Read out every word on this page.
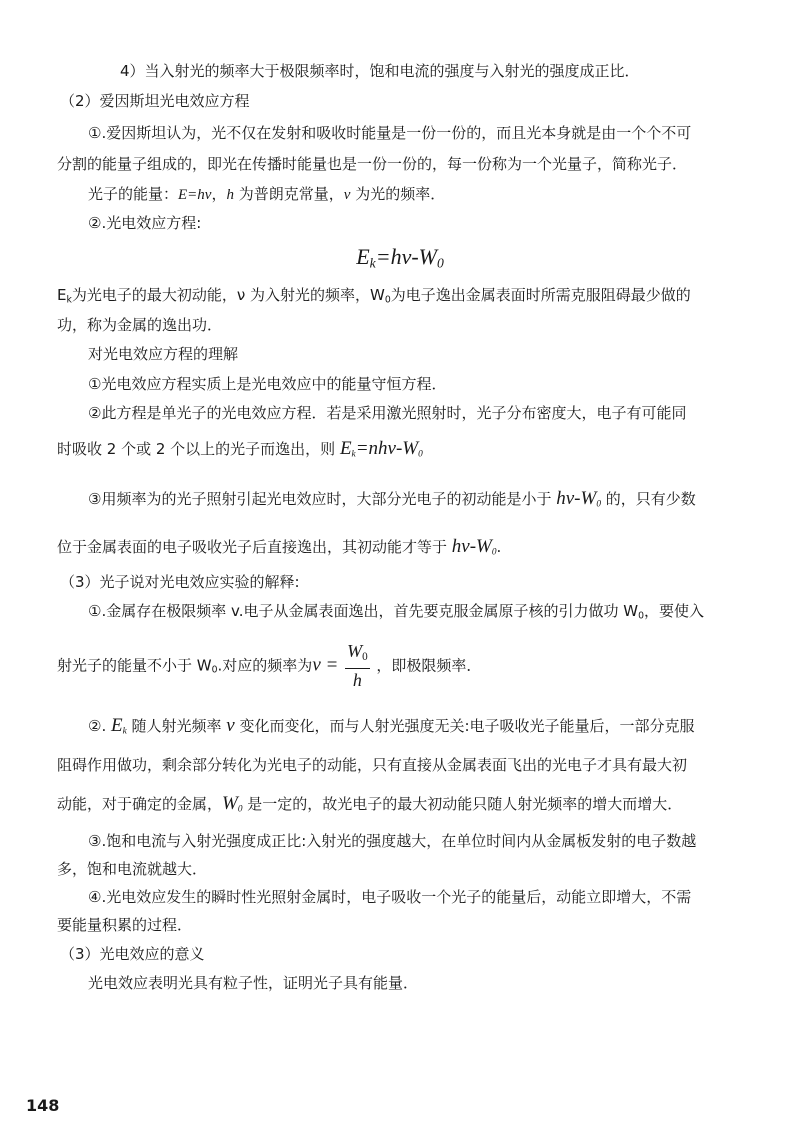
4）当入射光的频率大于极限频率时，饱和电流的强度与入射光的强度成正比．
（2）爱因斯坦光电效应方程
①.爱因斯坦认为，光不仅在发射和吸收时能量是一份一份的，而且光本身就是由一个个不可
分割的能量子组成的，即光在传播时能量也是一份一份的，每一份称为一个光量子，简称光子．
光子的能量：E=hν，h 为普朗克常量，ν 为光的频率．
②.光电效应方程:
$E_k=h\nu-W_0$
$E_k$为光电子的最大初动能，ν 为入射光的频率，$W_0$为电子逸出金属表面时所需克服阻碍最少做的
功，称为金属的逸出功．
对光电效应方程的理解
①光电效应方程实质上是光电效应中的能量守恒方程．
②此方程是单光子的光电效应方程．若是采用激光照射时，光子分布密度大，电子有可能同
时吸收 2 个或 2 个以上的光子而逸出，则 $E_k=nh\nu-W_0$
③用频率为的光子照射引起光电效应时，大部分光电子的初动能是小于 $h\nu-W_0$ 的，只有少数
位于金属表面的电子吸收光子后直接逸出，其初动能才等于 $h\nu-W_0$.
（3）光子说对光电效应实验的解释:
①.金属存在极限频率 v.电子从金属表面逸出，首先要克服金属原子核的引力做功 $W_0$，要使入
射光子的能量不小于 $W_0$.对应的频率为$\nu = \frac{W_0}{h}$ ，即极限频率．
②. $E_k$ 随人射光频率 ν 变化而变化，而与人射光强度无关:电子吸收光子能量后，一部分克服
阻碍作用做功，剩余部分转化为光电子的动能，只有直接从金属表面飞出的光电子才具有最大初
动能，对于确定的金属，$W_0$ 是一定的，故光电子的最大初动能只随人射光频率的增大而增大．
③.饱和电流与入射光强度成正比:入射光的强度越大，在单位时间内从金属板发射的电子数越
多，饱和电流就越大．
④.光电效应发生的瞬时性光照射金属时，电子吸收一个光子的能量后，动能立即增大，不需
要能量积累的过程．
（3）光电效应的意义
光电效应表明光具有粒子性，证明光子具有能量．
148
